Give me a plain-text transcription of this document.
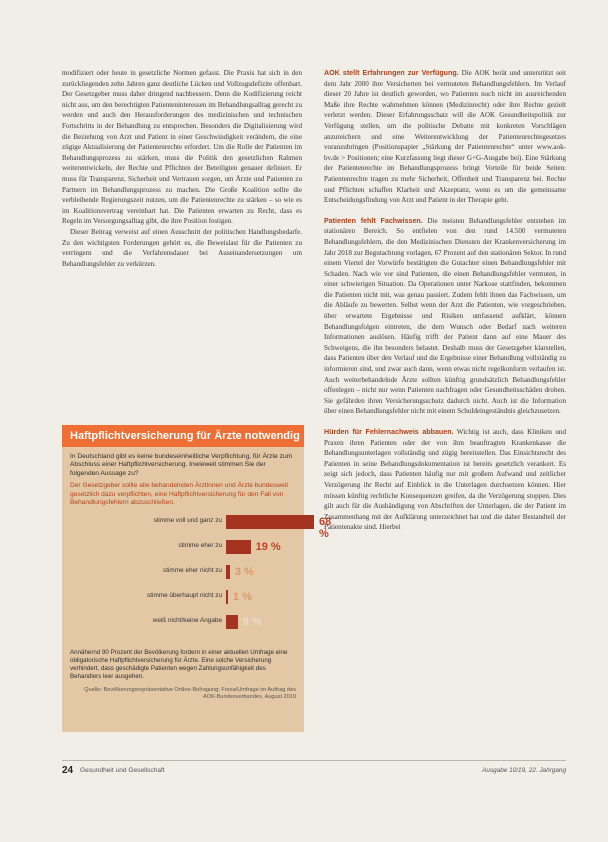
modifiziert oder heute in gesetzliche Normen gefasst. Die Praxis hat sich in den zurückliegenden zehn Jahren ganz deutliche Lücken und Vollzugsdefizite offenbart. Der Gesetzgeber muss daher dringend nachbessern. Denn die Kodifizierung reicht nicht aus, um den berechtigten Patienteninteressen im Behandlungsalltag gerecht zu werden und auch den Herausforderungen des medizinischen und technischen Fortschritts in der Behandlung zu entsprechen. Besonders die Digitalisierung wird die Beziehung von Arzt und Patient in einer Geschwindigkeit verändern, die eine zügige Aktualisierung der Patientenrechte erfordert. Um die Rolle der Patienten im Behandlungsprozess zu stärken, muss die Politik den gesetzlichen Rahmen weiterentwickeln, der Rechte und Pflichten der Beteiligten genauer definiert. Er muss für Transparenz, Sicherheit und Vertrauen sorgen, um Ärzte und Patienten zu Partnern im Behandlungsprozess zu machen. Die Große Koalition sollte die verbleibende Regierungszeit nutzen, um die Patientenrechte zu stärken – so wie es im Koalitionsvertrag vereinbart hat. Die Patienten erwarten zu Recht, dass es Regeln im Versorgungsalltag gibt, die ihre Position festigen.

Dieser Beitrag verweist auf einen Ausschnitt der politischen Handlungsbedarfe. Zu den wichtigsten Forderungen gehört es, die Beweislast für die Patienten zu verringern und die Verfahrensdauer bei Auseinandersetzungen um Behandlungsfehler zu verkürzen.

Haftpflichtversicherung für Ärzte notwendig
In Deutschland gibt es keine bundeseinheitliche Verpflichtung, für Ärzte zum Abschluss einer Haftpflichtversicherung. Inwieweit stimmen Sie der folgenden Aussage zu?
Der Gesetzgeber sollte alle behandelnden Ärztinnen und Ärzte bundesweit gesetzlich dazu verpflichten, eine Haftpflichtversicherung für den Fall von Behandlungsfehlern abzuschließen.
stimme voll und ganz zu	68 %
stimme eher zu	19 %
stimme eher nicht zu 3 %
stimme überhaupt nicht zu 1 %
weiß nicht/keine Angabe 9 %
Annähernd 90 Prozent der Bevölkerung fordern in einer aktuellen Umfrage eine obligatorische Haftpflichtversicherung für Ärzte. Eine solche Versicherung verhindert, dass geschädigte Patienten wegen Zahlungsunfähigkeit des Behandlers leer ausgehen.
Quelle: Bevölkerungsrepräsentative Online-Befragung; Forsa/Umfrage im Auftrag des AOK-Bundesverbandes, August 2019

AOK stellt Erfahrungen zur Verfügung. Die AOK berät und unterstützt seit dem Jahr 2000 ihre Versicherten bei vermuteten Behandlungsfehlern. Im Verlauf dieser 20 Jahre ist deutlich geworden, wo Patienten noch nicht im ausreichenden Maße ihre Rechte wahrnehmen können (Medizinrecht) oder ihre Rechte gezielt verletzt werden. Dieser Erfahrungsschatz will die AOK Gesundheitspolitik zur Verfügung stellen, um die politische Debatte mit konkreten Vorschlägen anzureichern und eine Weiterentwicklung der Patientenrechtegesetzes voranzubringen (Positionspapier „Stärkung der Patientenrechte“ unter www.aok-bv.de > Positionen; eine Kurzfassung liegt dieser G+G-Ausgabe bei). Eine Stärkung der Patientenrechte im Behandlungsprozess bringt Vorteile für beide Seiten: Patientenrechte tragen zu mehr Sicherheit, Offenheit und Transparenz bei. Rechte und Pflichten schaffen Klarheit und Akzeptanz, wenn es um die gemeinsame Entscheidungsfindung von Arzt und Patient in der Therapie geht.

Patienten fehlt Fachwissen. Die meisten Behandlungsfehler entstehen im stationären Bereich. So entfielen von den rund 14.500 vermuteten Behandlungsfehlern, die den Medizinischen Diensten der Krankenversicherung im Jahr 2018 zur Begutachtung vorlagen, 67 Prozent auf den stationären Sektor. In rund einem Viertel der Vorwürfe bestätigten die Gutachter einen Behandlungsfehler mit Schaden. Nach wie vor sind Patienten, die einen Behandlungsfehler vermuten, in einer schwierigen Situation. Da Operationen unter Narkose stattfinden, bekommen die Patienten nicht mit, was genau passiert. Zudem fehlt ihnen das Fachwissen, um die Abläufe zu bewerten. Selbst wenn der Arzt die Patienten, wie vorgeschrieben, über erwartete Ergebnisse und Risiken umfassend aufklärt, können Behandlungsfolgen eintreten, die dem Wunsch oder Bedarf nach weiteren Informationen auslösen. Häufig trifft der Patient dann auf eine Mauer des Schweigens, die ihn besonders belastet. Deshalb muss der Gesetzgeber klarstellen, dass Patienten über den Verlauf und die Ergebnisse einer Behandlung vollständig zu informieren sind, und zwar auch dann, wenn etwas nicht regelkonform verlaufen ist. Auch weiterbehandelnde Ärzte sollten künftig grundsätzlich Behandlungsfehler offenlegen – nicht nur wenn Patienten nachfragen oder Gesundheitsschäden drohen. Sie gefährden ihren Versicherungsschutz dadurch nicht. Auch ist die Information über einen Behandlungsfehler nicht mit einem Schuldeingeständnis gleichzusetzen.

Hürden für Fehlernachweis abbauen. Wichtig ist auch, dass Kliniken und Praxen ihren Patienten oder der von ihm beauftragten Krankenkasse die Behandlungsunterlagen vollständig und zügig bereitstellen. Das Einsichtsrecht des Patienten in seine Behandlungsdokumentation ist bereits gesetzlich verankert. Es zeigt sich jedoch, dass Patienten häufig nur mit großem Aufwand und zeitlicher Verzögerung ihr Recht auf Einblick in die Unterlagen durchsetzen können. Hier müssen künftig rechtliche Konsequenzen greifen, da die Verzögerung stoppen. Dies gilt auch für die Aushändigung von Abschriften der Unterlagen, die der Patient im Zusammenhang mit der Aufklärung unterzeichnet hat und die daher Bestandteil der Patientenakte sind. Hierbei

24 Gesundheit und Gesellschaft	Ausgabe 10/19, 22. Jahrgang
